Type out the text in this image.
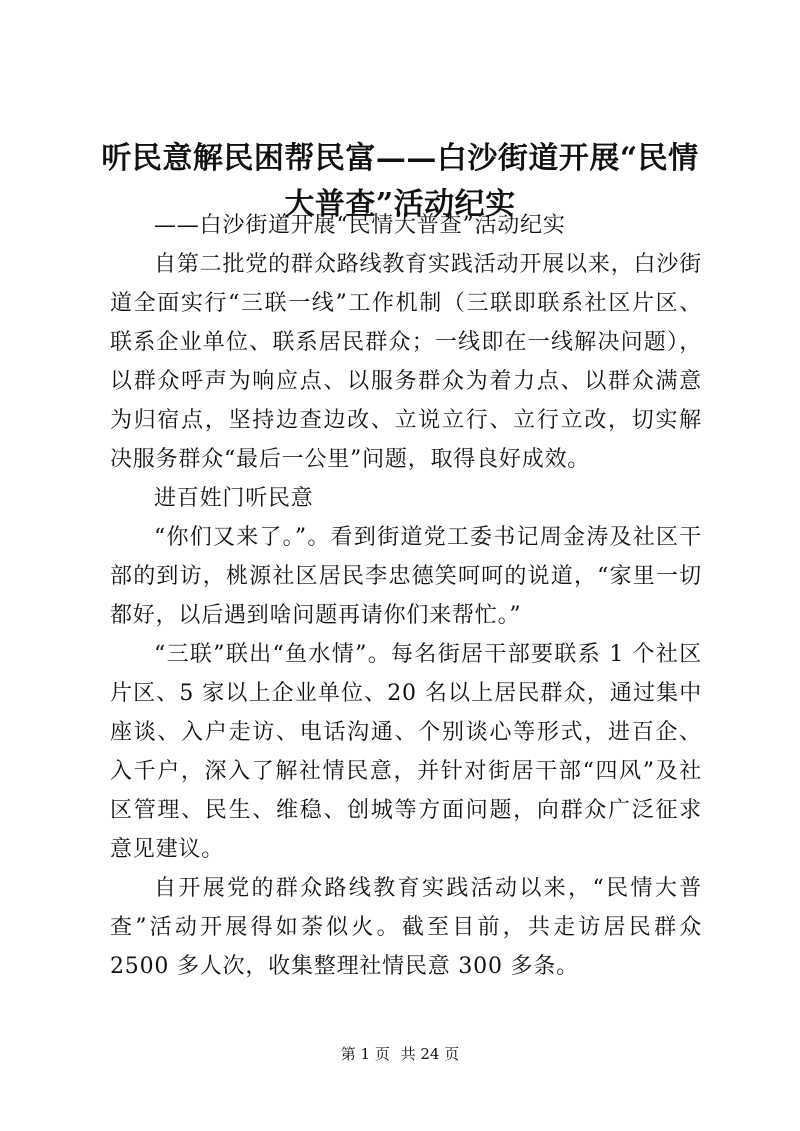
听民意解民困帮民富——白沙街道开展“民情大普查”活动纪实

——白沙街道开展“民情大普查”活动纪实

自第二批党的群众路线教育实践活动开展以来，白沙街道全面实行“三联一线”工作机制（三联即联系社区片区、联系企业单位、联系居民群众；一线即在一线解决问题），以群众呼声为响应点、以服务群众为着力点、以群众满意为归宿点，坚持边查边改、立说立行、立行立改，切实解决服务群众“最后一公里”问题，取得良好成效。

进百姓门听民意

“你们又来了。”。看到街道党工委书记周金涛及社区干部的到访，桃源社区居民李忠德笑呵呵的说道，“家里一切都好，以后遇到啥问题再请你们来帮忙。”

“三联”联出“鱼水情”。每名街居干部要联系 1 个社区片区、5 家以上企业单位、20 名以上居民群众，通过集中座谈、入户走访、电话沟通、个别谈心等形式，进百企、入千户，深入了解社情民意，并针对街居干部“四风”及社区管理、民生、维稳、创城等方面问题，向群众广泛征求意见建议。

自开展党的群众路线教育实践活动以来，“民情大普查”活动开展得如荼似火。截至目前，共走访居民群众 2500 多人次，收集整理社情民意 300 多条。

第 1 页 共 24 页
